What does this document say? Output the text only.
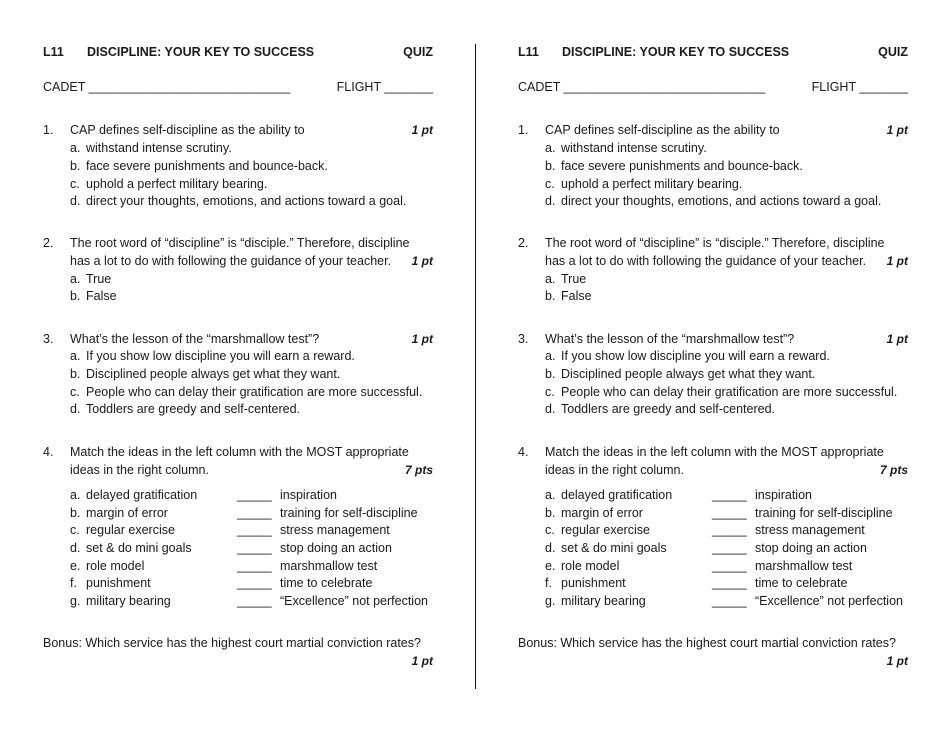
L11 DISCIPLINE: YOUR KEY TO SUCCESS	QUIZ
CADET _____________________________	FLIGHT _______
1. CAP defines self-discipline as the ability to	1 pt
a. withstand intense scrutiny.
b. face severe punishments and bounce-back.
c. uphold a perfect military bearing.
d. direct your thoughts, emotions, and actions toward a goal.
2. The root word of “discipline” is “disciple.” Therefore, discipline
has a lot to do with following the guidance of your teacher. 1 pt
a. True
b. False
3. What’s the lesson of the “marshmallow test”?	1 pt
a. If you show low discipline you will earn a reward.
b. Disciplined people always get what they want.
c. People who can delay their gratification are more successful.
d. Toddlers are greedy and self-centered.
4. Match the ideas in the left column with the MOST appropriate
ideas in the right column.	7 pts
a. delayed gratification	_____ inspiration
b. margin of error	_____ training for self-discipline
c. regular exercise	_____ stress management
d. set & do mini goals	_____ stop doing an action
e. role model	_____ marshmallow test
f. punishment	_____ time to celebrate
g. military bearing	_____ “Excellence” not perfection
Bonus: Which service has the highest court martial conviction rates?
1 pt
L11 DISCIPLINE: YOUR KEY TO SUCCESS	QUIZ
CADET _____________________________	FLIGHT _______
1. CAP defines self-discipline as the ability to	1 pt
a. withstand intense scrutiny.
b. face severe punishments and bounce-back.
c. uphold a perfect military bearing.
d. direct your thoughts, emotions, and actions toward a goal.
2. The root word of “discipline” is “disciple.” Therefore, discipline
has a lot to do with following the guidance of your teacher. 1 pt
a. True
b. False
3. What’s the lesson of the “marshmallow test”?	1 pt
a. If you show low discipline you will earn a reward.
b. Disciplined people always get what they want.
c. People who can delay their gratification are more successful.
d. Toddlers are greedy and self-centered.
4. Match the ideas in the left column with the MOST appropriate
ideas in the right column.	7 pts
a. delayed gratification	_____ inspiration
b. margin of error	_____ training for self-discipline
c. regular exercise	_____ stress management
d. set & do mini goals	_____ stop doing an action
e. role model	_____ marshmallow test
f. punishment	_____ time to celebrate
g. military bearing	_____ “Excellence” not perfection
Bonus: Which service has the highest court martial conviction rates?
1 pt
